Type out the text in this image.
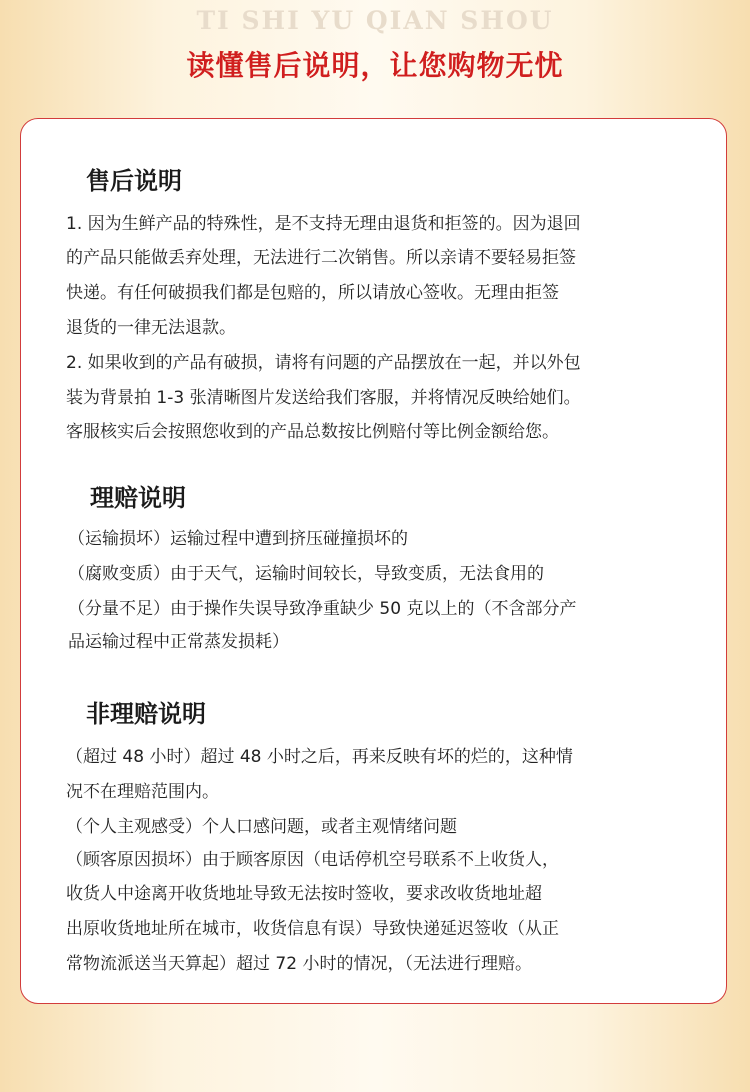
TI SHI YU QIAN SHOU
读懂售后说明，让您购物无忧
售后说明
1. 因为生鲜产品的特殊性，是不支持无理由退货和拒签的。因为退回
的产品只能做丢弃处理，无法进行二次销售。所以亲请不要轻易拒签
快递。有任何破损我们都是包赔的，所以请放心签收。无理由拒签
退货的一律无法退款。
2. 如果收到的产品有破损，请将有问题的产品摆放在一起，并以外包
装为背景拍 1-3 张清晰图片发送给我们客服，并将情况反映给她们。
客服核实后会按照您收到的产品总数按比例赔付等比例金额给您。
理赔说明
（运输损坏）运输过程中遭到挤压碰撞损坏的
（腐败变质）由于天气，运输时间较长，导致变质，无法食用的
（分量不足）由于操作失误导致净重缺少 50 克以上的（不含部分产
品运输过程中正常蒸发损耗）
非理赔说明
（超过 48 小时）超过 48 小时之后，再来反映有坏的烂的，这种情
况不在理赔范围内。
（个人主观感受）个人口感问题，或者主观情绪问题
（顾客原因损坏）由于顾客原因（电话停机空号联系不上收货人，
收货人中途离开收货地址导致无法按时签收，要求改收货地址超
出原收货地址所在城市，收货信息有误）导致快递延迟签收（从正
常物流派送当天算起）超过 72 小时的情况，（无法进行理赔。
